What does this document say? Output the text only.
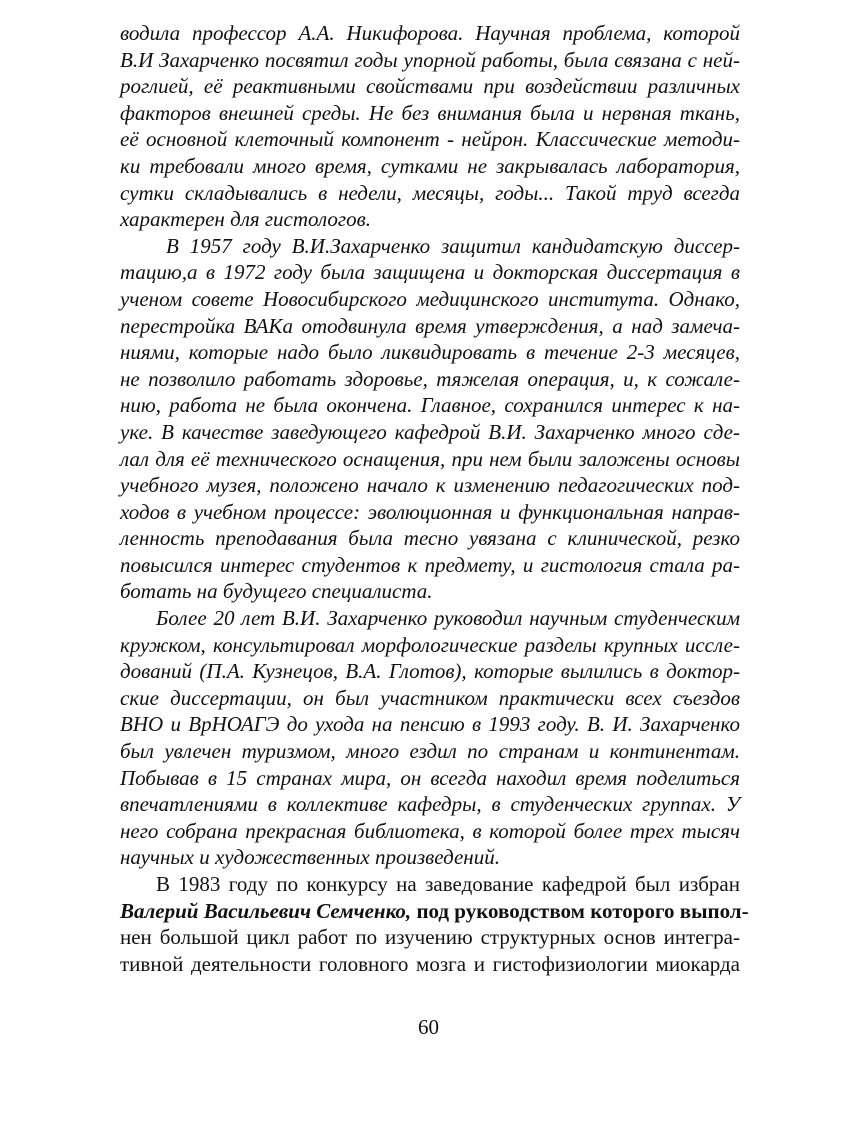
водила профессор А.А. Никифорова. Научная проблема, которой
В.И Захарченко посвятил годы упорной работы, была связана с ней-
роглией, её реактивными свойствами при воздействии различных
факторов внешней среды. Не без внимания была и нервная ткань,
её основной клеточный компонент - нейрон. Классические методи-
ки требовали много время, сутками не закрывалась лаборатория,
сутки складывались в недели, месяцы, годы... Такой труд всегда
характерен для гистологов.
В 1957 году В.И.Захарченко защитил кандидатскую диссер-
тацию,а в 1972 году была защищена и докторская диссертация в
ученом совете Новосибирского медицинского института. Однако,
перестройка ВАКа отодвинула время утверждения, а над замеча-
ниями, которые надо было ликвидировать в течение 2-3 месяцев,
не позволило работать здоровье, тяжелая операция, и, к сожале-
нию, работа не была окончена. Главное, сохранился интерес к на-
уке. В качестве заведующего кафедрой В.И. Захарченко много сде-
лал для её технического оснащения, при нем были заложены основы
учебного музея, положено начало к изменению педагогических под-
ходов в учебном процессе: эволюционная и функциональная направ-
ленность преподавания была тесно увязана с клинической, резко
повысился интерес студентов к предмету, и гистология стала ра-
ботать на будущего специалиста.
Более 20 лет В.И. Захарченко руководил научным студенческим
кружком, консультировал морфологические разделы крупных иссле-
дований (П.А. Кузнецов, В.А. Глотов), которые вылились в доктор-
ские диссертации, он был участником практически всех съездов
ВНО и ВрНОАГЭ до ухода на пенсию в 1993 году. В. И. Захарченко
был увлечен туризмом, много ездил по странам и континентам.
Побывав в 15 странах мира, он всегда находил время поделиться
впечатлениями в коллективе кафедры, в студенческих группах. У
него собрана прекрасная библиотека, в которой более трех тысяч
научных и художественных произведений.
В 1983 году по конкурсу на заведование кафедрой был избран
Валерий Васильевич Семченко, под руководством которого выпол-
нен большой цикл работ по изучению структурных основ интегра-
тивной деятельности головного мозга и гистофизиологии миокарда
60
